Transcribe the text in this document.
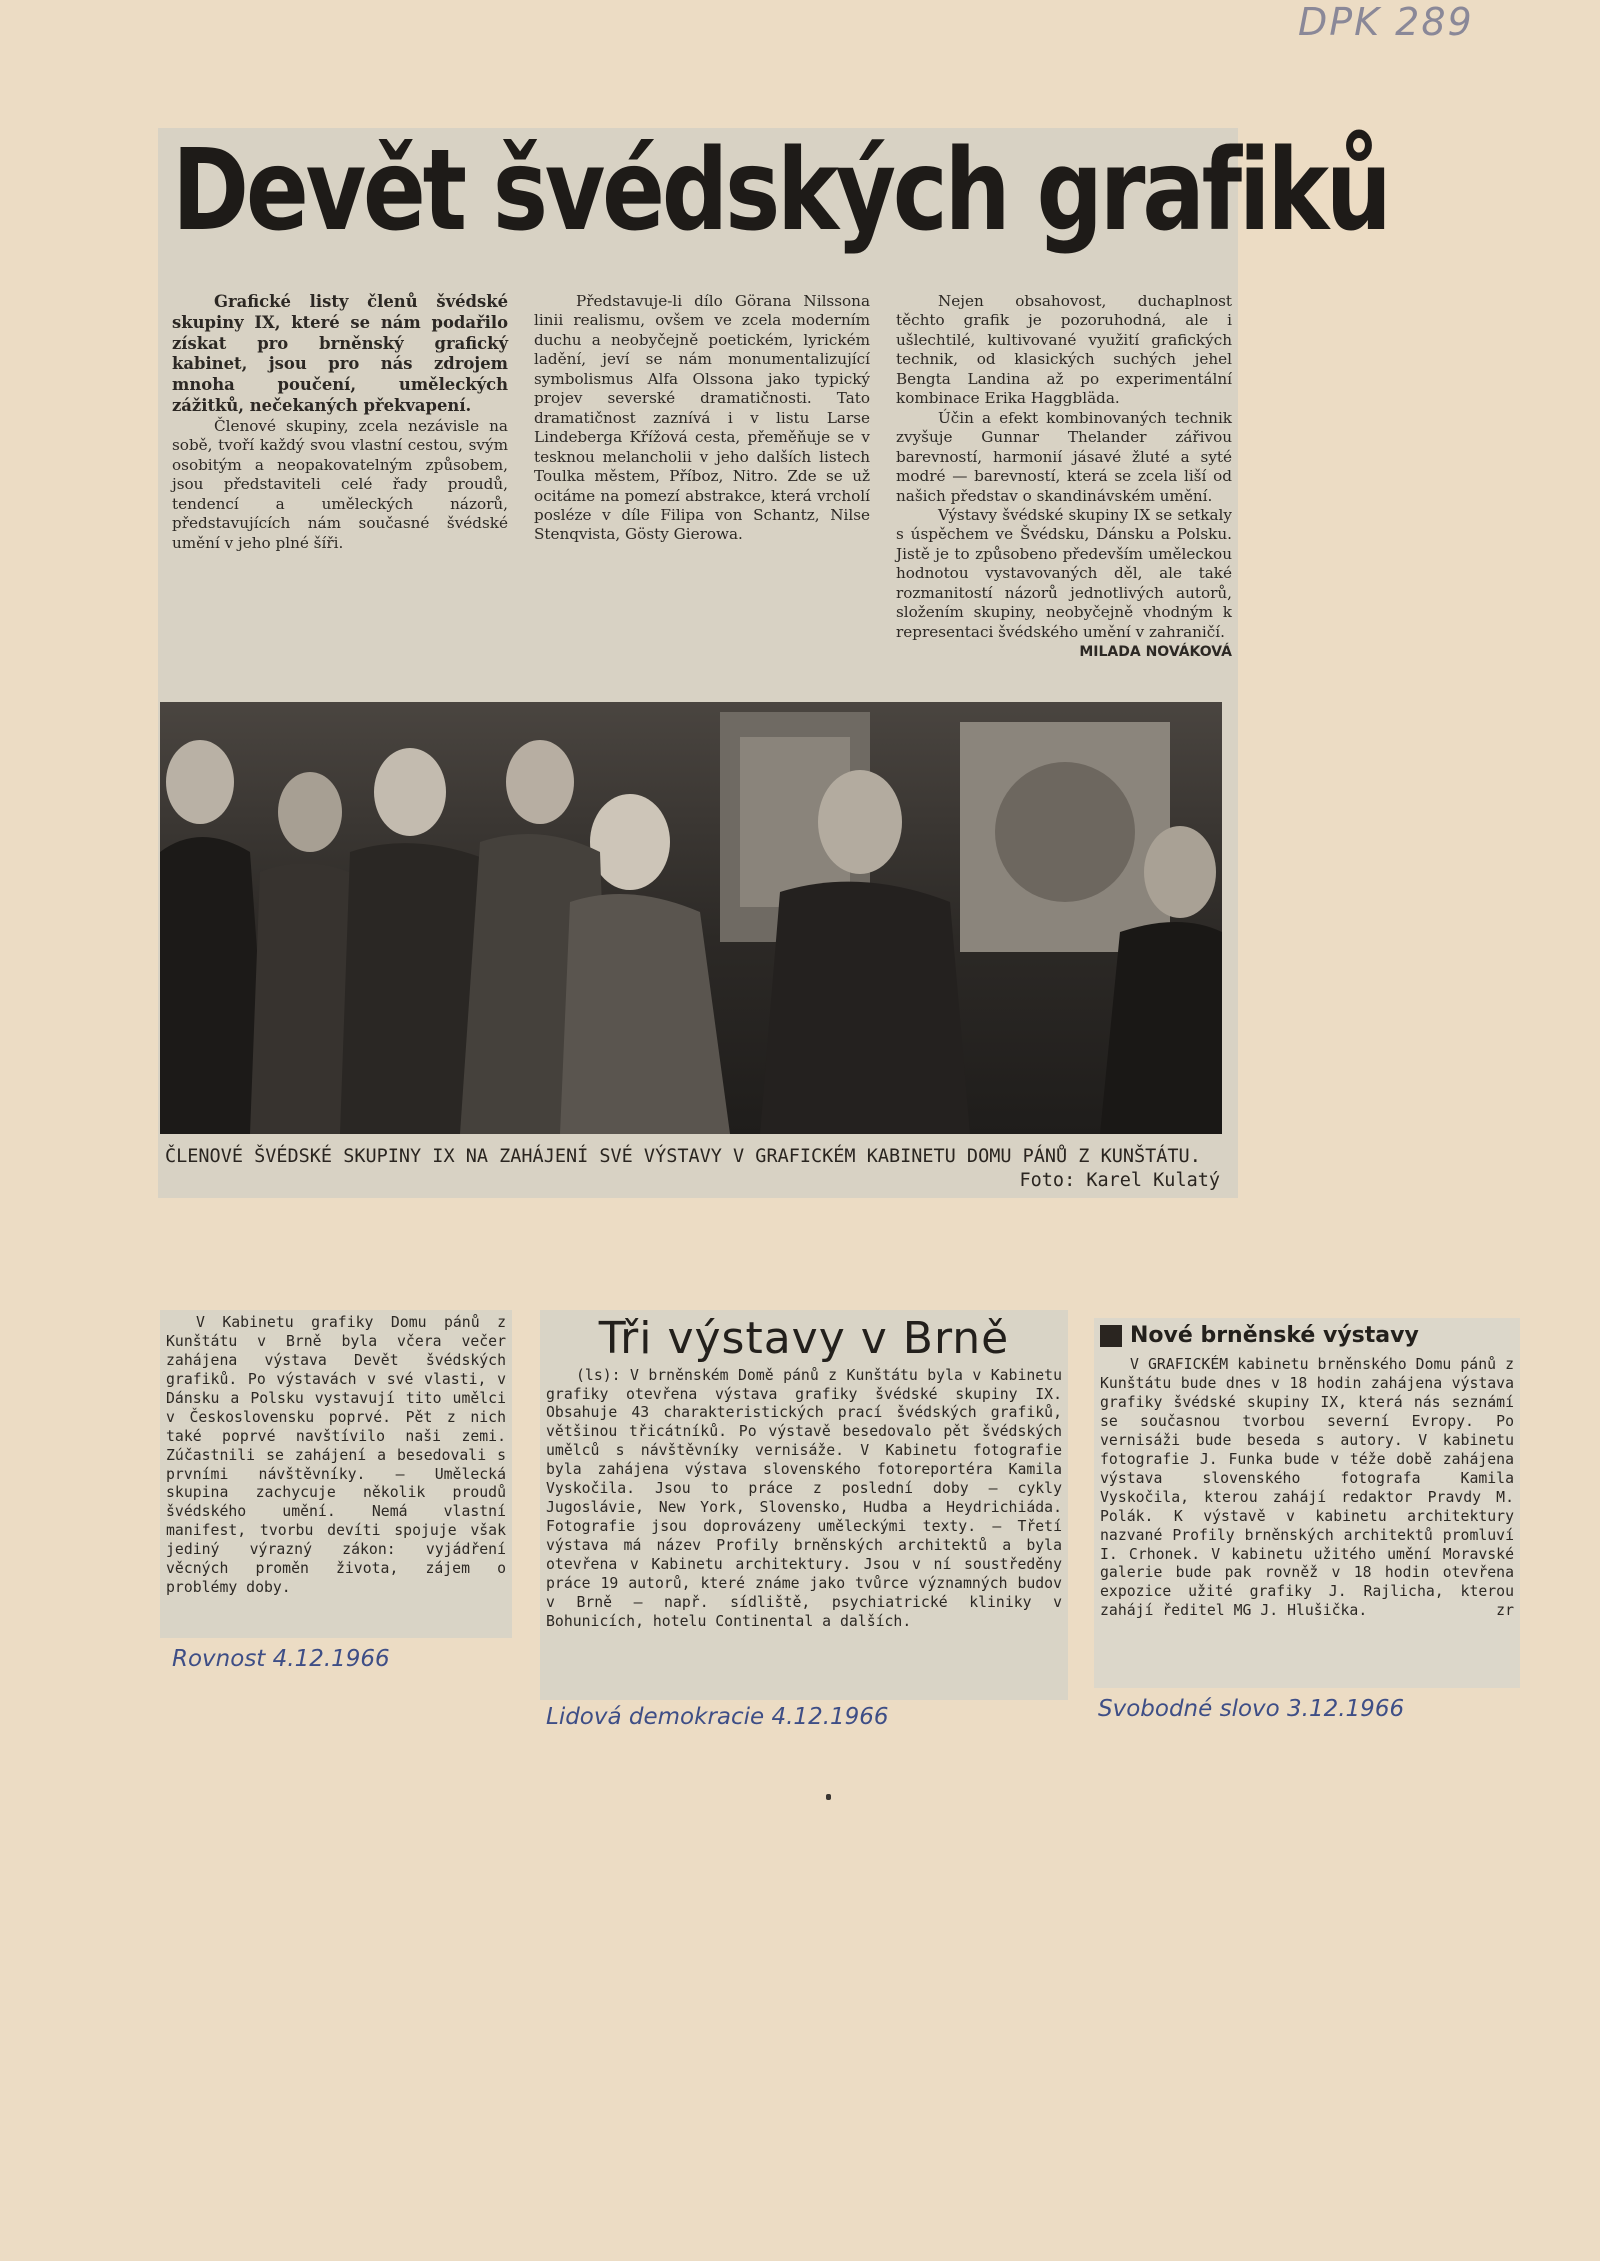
DPK 289
Devět švédských grafiků

Grafické listy členů švédské skupiny IX, které se nám podařilo získat pro brněnský grafický kabinet, jsou pro nás zdrojem mnoha poučení, uměleckých zážitků, nečekaných překvapení.

Členové skupiny, zcela nezávisle na sobě, tvoří každý svou vlastní cestou, svým osobitým a neopakovatelným způsobem, jsou představiteli celé řady proudů, tendencí a uměleckých názorů, představujících nám současné švédské umění v jeho plné šíři.

Představuje-li dílo Görana Nilssona linii realismu, ovšem ve zcela moderním duchu a neobyčejně poetickém, lyrickém ladění, jeví se nám monumentalizující symbolismus Alfa Olssona jako typický projev severské dramatičnosti. Tato dramatičnost zaznívá i v listu Larse Lindeberga Křížová cesta, přeměňuje se v tesknou melancholii v jeho dalších listech Toulka městem, Příboz, Nitro. Zde se už ocitáme na pomezí abstrakce, která vrcholí posléze v díle Filipa von Schantz, Nilse Stenqvista, Gösty Gierowa.

Nejen obsahovost, duchaplnost těchto grafik je pozoruhodná, ale i ušlechtilé, kultivované využití grafických technik, od klasických suchých jehel Bengta Landina až po experimentální kombinace Erika Haggbläda.

Účin a efekt kombinovaných technik zvyšuje Gunnar Thelander zářivou barevností, harmonií jásavé žluté a syté modré — barevností, která se zcela liší od našich představ o skandinávském umění.

Výstavy švédské skupiny IX se setkaly s úspěchem ve Švédsku, Dánsku a Polsku. Jistě je to způsobeno především uměleckou hodnotou vystavovaných děl, ale také rozmanitostí názorů jednotlivých autorů, složením skupiny, neobyčejně vhodným k representaci švédského umění v zahraničí.

MILADA NOVÁKOVÁ
ČLENOVÉ ŠVÉDSKÉ SKUPINY IX NA ZAHÁJENÍ SVÉ VÝSTAVY V GRAFICKÉM KABINETU DOMU PÁNŮ Z KUNŠTÁTU.
Foto: Karel Kulatý

V Kabinetu grafiky Domu pánů z Kunštátu v Brně byla včera večer zahájena výstava Devět švédských grafiků. Po výstavách v své vlasti, v Dánsku a Polsku vystavují tito umělci v Československu poprvé. Pět z nich také poprvé navštívilo naši zemi. Zúčastnili se zahájení a besedovali s prvními návštěvníky. — Umělecká skupina zachycuje několik proudů švédského umění. Nemá vlastní manifest, tvorbu devíti spojuje však jediný výrazný zákon: vyjádření věcných proměn života, zájem o problémy doby.

Rovnost 4.12.1966
Tři výstavy v Brně

(ls): V brněnském Domě pánů z Kunštátu byla v Kabinetu grafiky otevřena výstava grafiky švédské skupiny IX. Obsahuje 43 charakteristických prací švédských grafiků, většinou třicátníků. Po výstavě besedovalo pět švédských umělců s návštěvníky vernisáže. V Kabinetu fotografie byla zahájena výstava slovenského fotoreportéra Kamila Vyskočila. Jsou to práce z poslední doby — cykly Jugoslávie, New York, Slovensko, Hudba a Heydrichiáda. Fotografie jsou doprovázeny uměleckými texty. — Třetí výstava má název Profily brněnských architektů a byla otevřena v Kabinetu architektury. Jsou v ní soustředěny práce 19 autorů, které známe jako tvůrce významných budov v Brně — např. sídliště, psychiatrické kliniky v Bohunicích, hotelu Continental a dalších.

Lidová demokracie 4.12.1966
Nové brněnské výstavy

V GRAFICKÉM kabinetu brněnského Domu pánů z Kunštátu bude dnes v 18 hodin zahájena výstava grafiky švédské skupiny IX, která nás seznámí se současnou tvorbou severní Evropy. Po vernisáži bude beseda s autory. V kabinetu fotografie J. Funka bude v téže době zahájena výstava slovenského fotografa Kamila Vyskočila, kterou zahájí redaktor Pravdy M. Polák. K výstavě v kabinetu architektury nazvané Profily brněnských architektů promluví I. Crhonek. V kabinetu užitého umění Moravské galerie bude pak rovněž v 18 hodin otevřena expozice užité grafiky J. Rajlicha, kterou zahájí ředitel MG J. Hlušička.	zr

Svobodné slovo 3.12.1966
